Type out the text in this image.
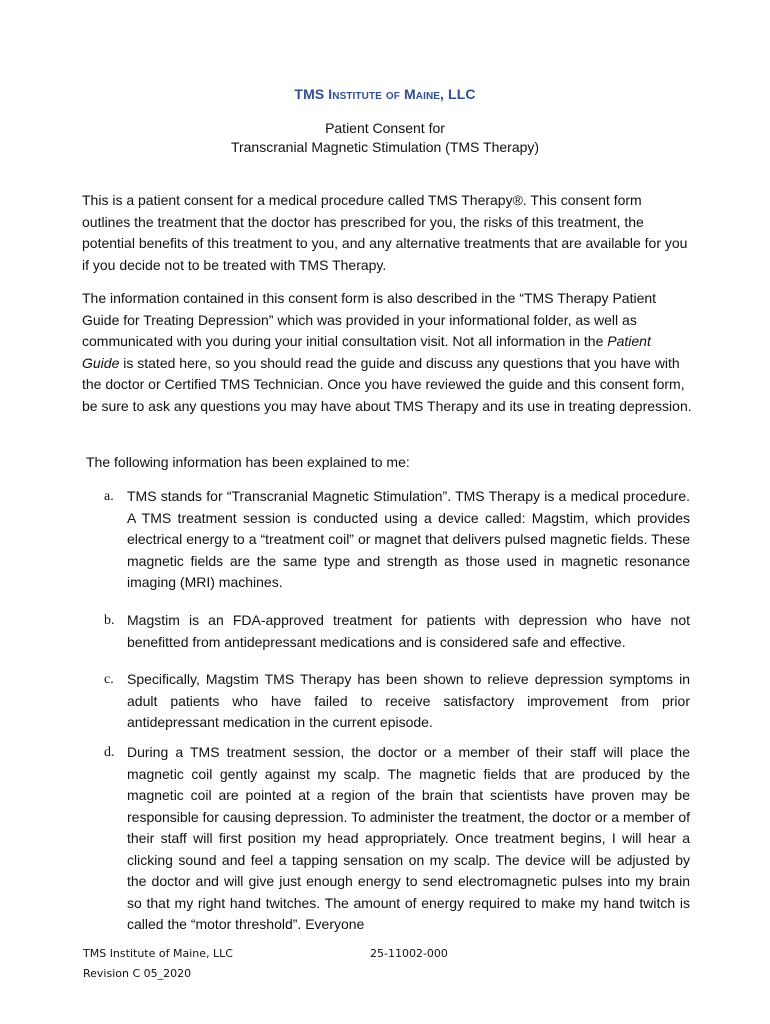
TMS Institute of Maine, LLC
Patient Consent for
Transcranial Magnetic Stimulation (TMS Therapy)

This is a patient consent for a medical procedure called TMS Therapy®. This consent form outlines the treatment that the doctor has prescribed for you, the risks of this treatment, the potential benefits of this treatment to you, and any alternative treatments that are available for you if you decide not to be treated with TMS Therapy.

The information contained in this consent form is also described in the “TMS Therapy Patient Guide for Treating Depression” which was provided in your informational folder, as well as communicated with you during your initial consultation visit. Not all information in the Patient Guide is stated here, so you should read the guide and discuss any questions that you have with the doctor or Certified TMS Technician. Once you have reviewed the guide and this consent form, be sure to ask any questions you may have about TMS Therapy and its use in treating depression.

The following information has been explained to me:

a. TMS stands for “Transcranial Magnetic Stimulation”. TMS Therapy is a medical procedure. A TMS treatment session is conducted using a device called: Magstim, which provides electrical energy to a “treatment coil” or magnet that delivers pulsed magnetic fields. These magnetic fields are the same type and strength as those used in magnetic resonance imaging (MRI) machines.
b. Magstim is an FDA-approved treatment for patients with depression who have not benefitted from antidepressant medications and is considered safe and effective.
c. Specifically, Magstim TMS Therapy has been shown to relieve depression symptoms in adult patients who have failed to receive satisfactory improvement from prior antidepressant medication in the current episode.
d. During a TMS treatment session, the doctor or a member of their staff will place the magnetic coil gently against my scalp. The magnetic fields that are produced by the magnetic coil are pointed at a region of the brain that scientists have proven may be responsible for causing depression. To administer the treatment, the doctor or a member of their staff will first position my head appropriately. Once treatment begins, I will hear a clicking sound and feel a tapping sensation on my scalp. The device will be adjusted by the doctor and will give just enough energy to send electromagnetic pulses into my brain so that my right hand twitches. The amount of energy required to make my hand twitch is called the “motor threshold”. Everyone
TMS Institute of Maine, LLC	25-11002-000
Revision C 05_2020
